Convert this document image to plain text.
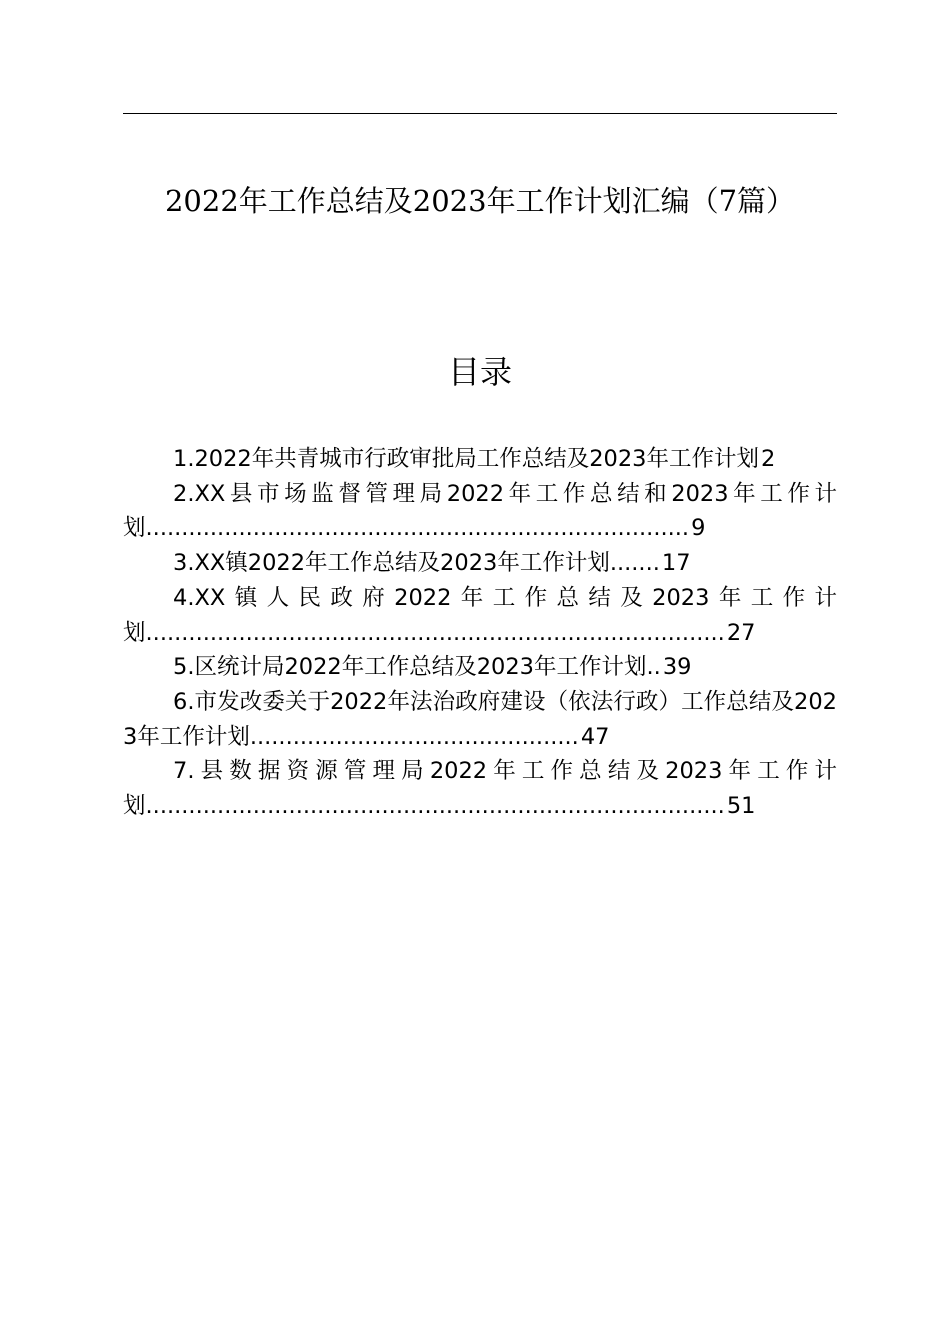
2022年工作总结及2023年工作计划汇编（7篇）
目录

1.2022年共青城市行政审批局工作总结及2023年工作计划2

2.XX县市场监督管理局2022年工作总结和2023年工作计划............................................................................9

3.XX镇2022年工作总结及2023年工作计划.......17

4.XX镇人民政府2022年工作总结及2023年工作计划.................................................................................27

5.区统计局2022年工作总结及2023年工作计划..39

6.市发改委关于2022年法治政府建设（依法行政）工作总结及2023年工作计划..............................................47

7.县数据资源管理局2022年工作总结及2023年工作计划.................................................................................51
